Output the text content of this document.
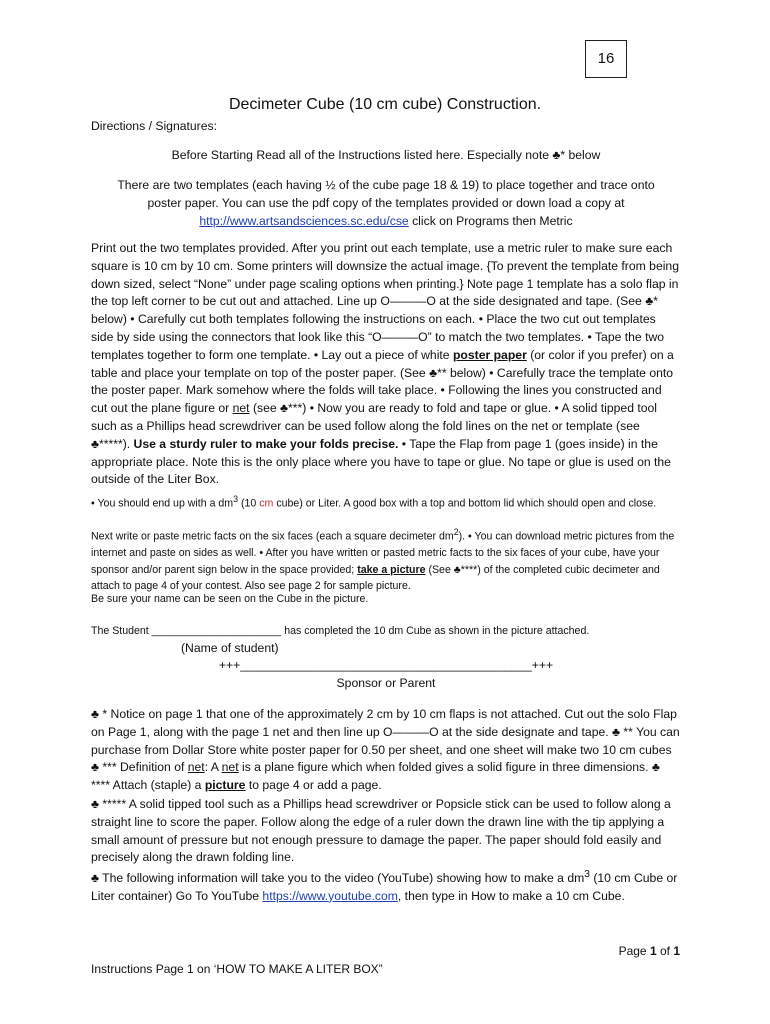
16
Decimeter Cube (10 cm cube) Construction.

Directions / Signatures:

Before Starting Read all of the Instructions listed here. Especially note ♣* below

There are two templates (each having ½ of the cube page 18 & 19) to place together and trace onto
poster paper. You can use the pdf copy of the templates provided or down load a copy at
http://www.artsandsciences.sc.edu/cse click on Programs then Metric

Print out the two templates provided. After you print out each template, use a metric ruler to make sure each square is 10 cm by 10 cm. Some printers will downsize the actual image. {To prevent the template from being down sized, select “None” under page scaling options when printing.} Note page 1 template has a solo flap in the top left corner to be cut out and attached. Line up O———O at the side designated and tape. (See ♣* below) • Carefully cut both templates following the instructions on each. • Place the two cut out templates side by side using the connectors that look like this “O———O” to match the two templates. • Tape the two templates together to form one template. • Lay out a piece of white poster paper (or color if you prefer) on a table and place your template on top of the poster paper. (See ♣** below) • Carefully trace the template onto the poster paper. Mark somehow where the folds will take place. • Following the lines you constructed and cut out the plane figure or net (see ♣***) • Now you are ready to fold and tape or glue. • A solid tipped tool such as a Phillips head screwdriver can be used follow along the fold lines on the net or template (see ♣*****). Use a sturdy ruler to make your folds precise. • Tape the Flap from page 1 (goes inside) in the appropriate place. Note this is the only place where you have to tape or glue. No tape or glue is used on the outside of the Liter Box.

• You should end up with a $dm^3$ (10 cm cube) or Liter. A good box with a top and bottom lid which should open and close.

Next write or paste metric facts on the six faces (each a square decimeter $dm^2$). • You can download metric pictures from the internet and paste on sides as well. • After you have written or pasted metric facts to the six faces of your cube, have your sponsor and/or parent sign below in the space provided; take a picture (See ♣****) of the completed cubic decimeter and attach to page 4 of your contest. Also see page 2 for sample picture.

Be sure your name can be seen on the Cube in the picture.

The Student ______________________ has completed the 10 dm Cube as shown in the picture attached.

(Name of student)

+++___________________________________________+++

Sponsor or Parent

♣ * Notice on page 1 that one of the approximately 2 cm by 10 cm flaps is not attached. Cut out the solo Flap on Page 1, along with the page 1 net and then line up O———O at the side designate and tape. ♣ ** You can purchase from Dollar Store white poster paper for 0.50 per sheet, and one sheet will make two 10 cm cubes ♣ *** Definition of net: A net is a plane figure which when folded gives a solid figure in three dimensions. ♣ **** Attach (staple) a picture to page 4 or add a page.

♣ ***** A solid tipped tool such as a Phillips head screwdriver or Popsicle stick can be used to follow along a straight line to score the paper. Follow along the edge of a ruler down the drawn line with the tip applying a small amount of pressure but not enough pressure to damage the paper. The paper should fold easily and precisely along the drawn folding line.

♣ The following information will take you to the video (YouTube) showing how to make a $dm^3$ (10 cm Cube or Liter container) Go To YouTube https://www.youtube.com, then type in How to make a 10 cm Cube.

Page 1 of 1
Instructions Page 1 on ‘HOW TO MAKE A LITER BOX”
